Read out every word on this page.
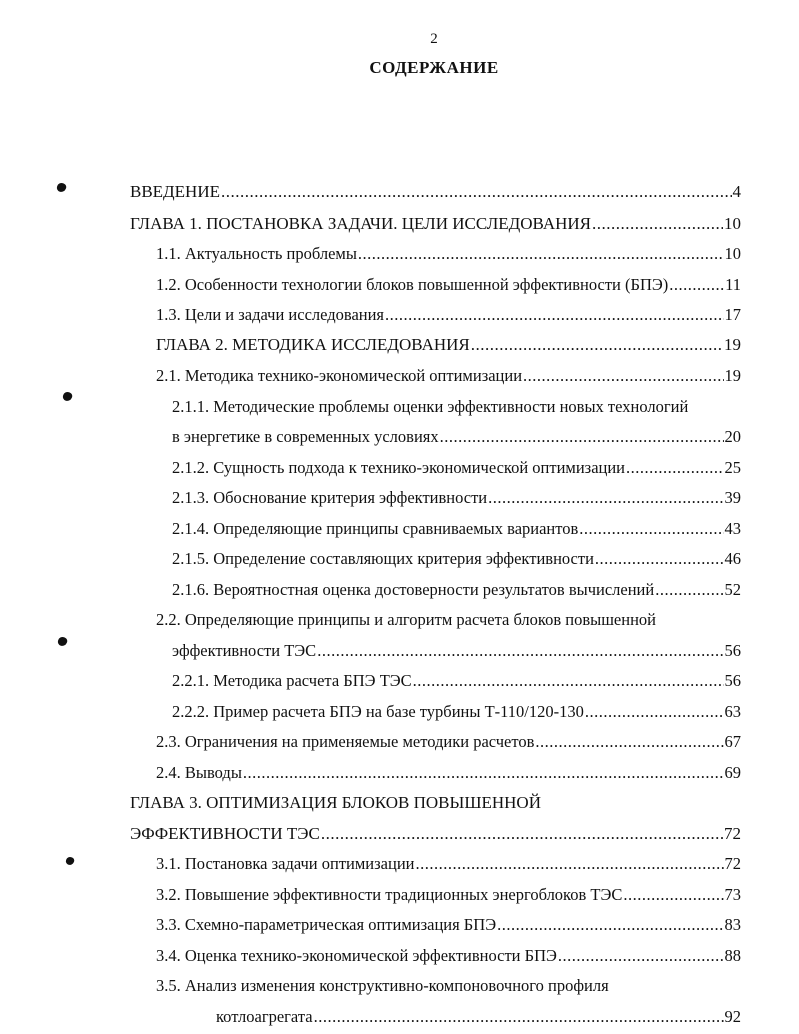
2
СОДЕРЖАНИЕ
ВВЕДЕНИЕ .....	4
ГЛАВА 1. ПОСТАНОВКА ЗАДАЧИ. ЦЕЛИ ИССЛЕДОВАНИЯ .....	10
1.1. Актуальность проблемы .....	10
1.2. Особенности технологии блоков повышенной эффективности (БПЭ) .....	11
1.3. Цели и задачи исследования .....	17
ГЛАВА 2. МЕТОДИКА ИССЛЕДОВАНИЯ .....	19
2.1. Методика технико-экономической оптимизации .....	19
2.1.1. Методические проблемы оценки эффективности новых технологий
в энергетике в современных условиях .....	20
2.1.2. Сущность подхода к технико-экономической оптимизации .....	25
2.1.3. Обоснование критерия эффективности .....	39
2.1.4. Определяющие принципы сравниваемых вариантов .....	43
2.1.5. Определение составляющих критерия эффективности .....	46
2.1.6. Вероятностная оценка достоверности результатов вычислений .....	52
2.2. Определяющие принципы и алгоритм расчета блоков повышенной
эффективности ТЭС .....	56
2.2.1. Методика расчета БПЭ ТЭС .....	56
2.2.2. Пример расчета БПЭ на базе турбины Т-110/120-130 .....	63
2.3. Ограничения на применяемые методики расчетов .....	67
2.4. Выводы .....	69
ГЛАВА 3. ОПТИМИЗАЦИЯ БЛОКОВ ПОВЫШЕННОЙ
ЭФФЕКТИВНОСТИ ТЭС .....	72
3.1. Постановка задачи оптимизации .....	72
3.2. Повышение эффективности традиционных энергоблоков ТЭС .....	73
3.3. Схемно-параметрическая оптимизация БПЭ .....	83
3.4. Оценка технико-экономической эффективности БПЭ .....	88
3.5. Анализ изменения конструктивно-компоновочного профиля
котлоагрегата .....	92
